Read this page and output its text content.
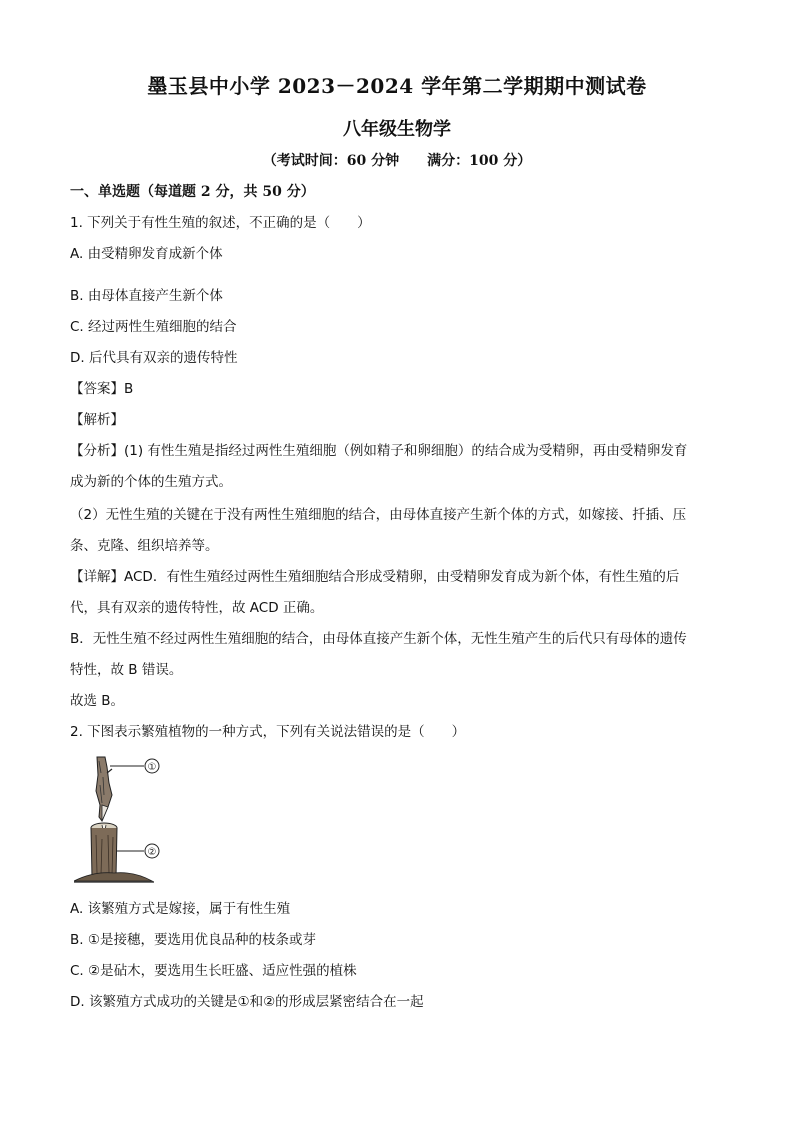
墨玉县中小学 2023－2024 学年第二学期期中测试卷
八年级生物学
（考试时间：60 分钟　　满分：100 分）
一、单选题（每道题 2 分，共 50 分）
1. 下列关于有性生殖的叙述，不正确的是（　　）
A. 由受精卵发育成新个体
B. 由母体直接产生新个体
C. 经过两性生殖细胞的结合
D. 后代具有双亲的遗传特性
【答案】B
【解析】
【分析】(1) 有性生殖是指经过两性生殖细胞（例如精子和卵细胞）的结合成为受精卵，再由受精卵发育
成为新的个体的生殖方式。
（2）无性生殖的关键在于没有两性生殖细胞的结合，由母体直接产生新个体的方式，如嫁接、扦插、压
条、克隆、组织培养等。
【详解】ACD．有性生殖经过两性生殖细胞结合形成受精卵，由受精卵发育成为新个体，有性生殖的后
代，具有双亲的遗传特性，故 ACD 正确。
B．无性生殖不经过两性生殖细胞的结合，由母体直接产生新个体，无性生殖产生的后代只有母体的遗传
特性，故 B 错误。
故选 B。
2. 下图表示繁殖植物的一种方式，下列有关说法错误的是（　　）
①
②
A. 该繁殖方式是嫁接，属于有性生殖
B. ①是接穗，要选用优良品种的枝条或芽
C. ②是砧木，要选用生长旺盛、适应性强的植株
D. 该繁殖方式成功的关键是①和②的形成层紧密结合在一起
